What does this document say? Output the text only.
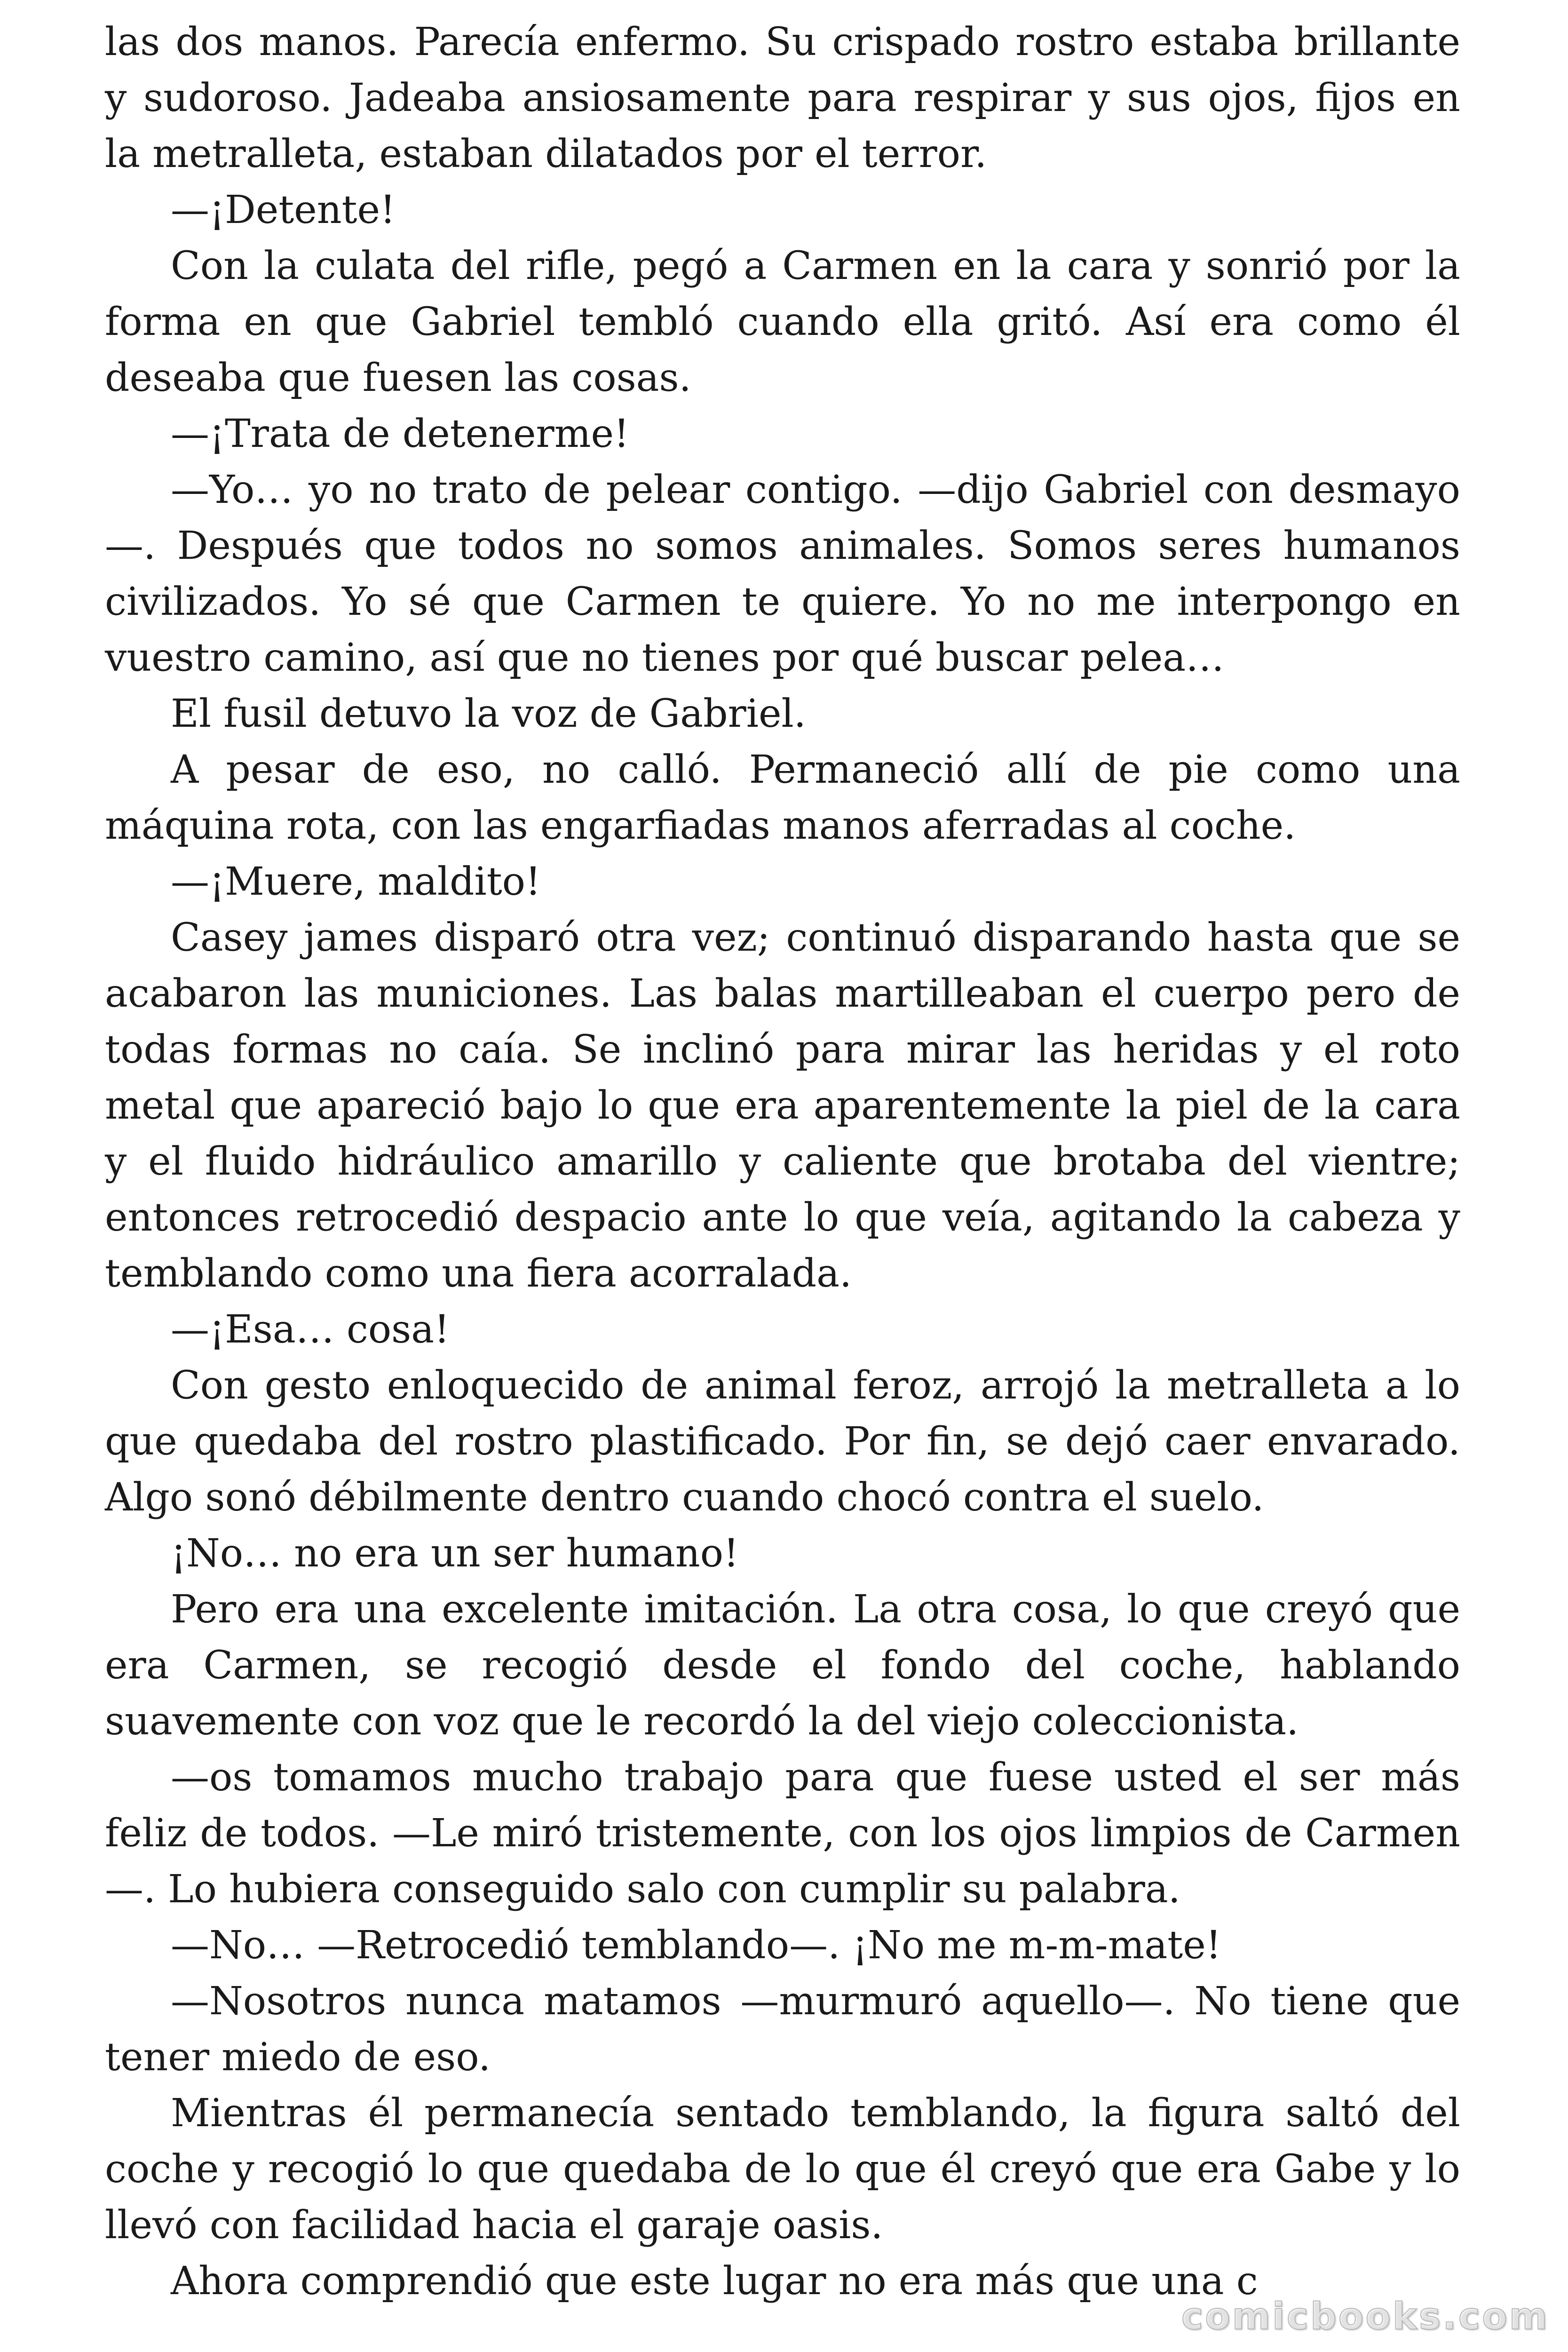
las dos manos. Parecía enfermo. Su crispado rostro estaba brillante y sudoroso. Jadeaba ansiosamente para respirar y sus ojos, fijos en la metralleta, estaban dilatados por el terror.

—¡Detente!

Con la culata del rifle, pegó a Carmen en la cara y sonrió por la forma en que Gabriel tembló cuando ella gritó. Así era como él deseaba que fuesen las cosas.

—¡Trata de detenerme!

—Yo… yo no trato de pelear contigo. —dijo Gabriel con desmayo —. Después que todos no somos animales. Somos seres humanos civilizados. Yo sé que Carmen te quiere. Yo no me interpongo en vuestro camino, así que no tienes por qué buscar pelea…

El fusil detuvo la voz de Gabriel.

A pesar de eso, no calló. Permaneció allí de pie como una máquina rota, con las engarfiadas manos aferradas al coche.

—¡Muere, maldito!

Casey james disparó otra vez; continuó disparando hasta que se acabaron las municiones. Las balas martilleaban el cuerpo pero de todas formas no caía. Se inclinó para mirar las heridas y el roto metal que apareció bajo lo que era aparentemente la piel de la cara y el fluido hidráulico amarillo y caliente que brotaba del vientre; entonces retrocedió despacio ante lo que veía, agitando la cabeza y temblando como una fiera acorralada.

—¡Esa… cosa!

Con gesto enloquecido de animal feroz, arrojó la metralleta a lo que quedaba del rostro plastificado. Por fin, se dejó caer envarado. Algo sonó débilmente dentro cuando chocó contra el suelo.

¡No… no era un ser humano!

Pero era una excelente imitación. La otra cosa, lo que creyó que era Carmen, se recogió desde el fondo del coche, hablando suavemente con voz que le recordó la del viejo coleccionista.

—os tomamos mucho trabajo para que fuese usted el ser más feliz de todos. —Le miró tristemente, con los ojos limpios de Carmen—. Lo hubiera conseguido salo con cumplir su palabra.

—No… —Retrocedió temblando—. ¡No me m-m-mate!

—Nosotros nunca matamos —murmuró aquello—. No tiene que tener miedo de eso.

Mientras él permanecía sentado temblando, la figura saltó del coche y recogió lo que quedaba de lo que él creyó que era Gabe y lo llevó con facilidad hacia el garaje oasis.

Ahora comprendió que este lugar no era más que una c

comicbooks.com
